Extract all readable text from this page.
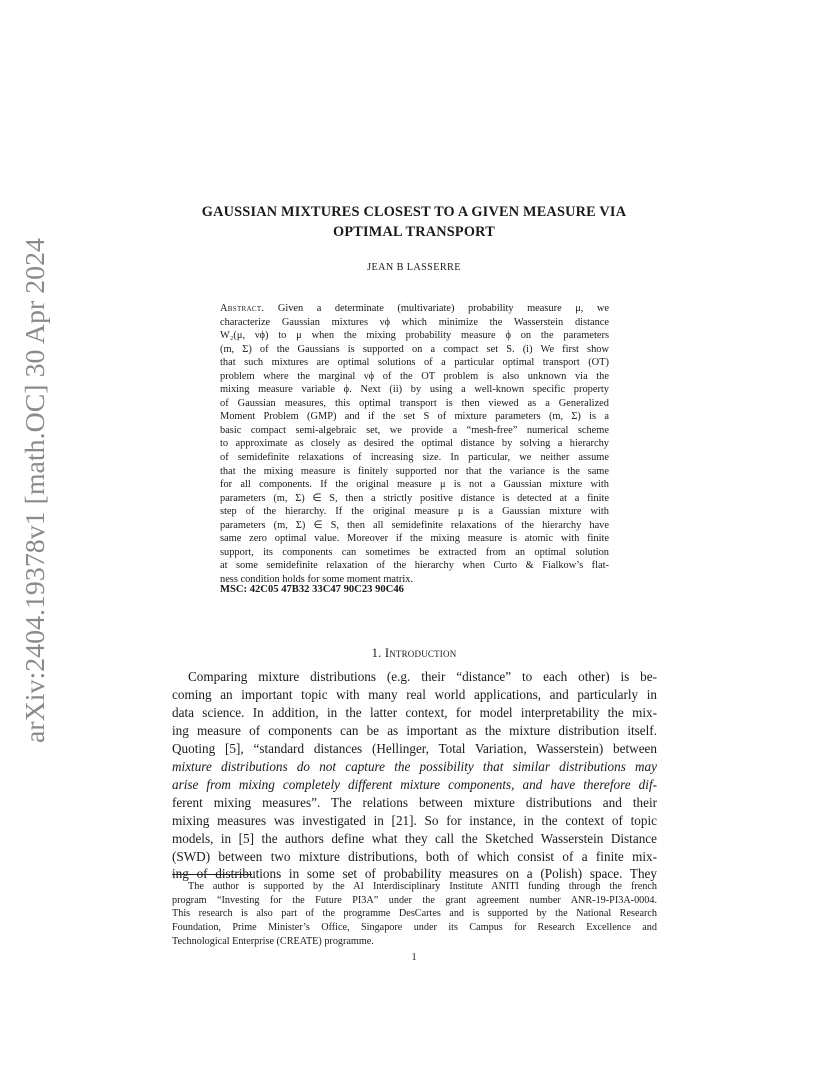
arXiv:2404.19378v1 [math.OC] 30 Apr 2024
GAUSSIAN MIXTURES CLOSEST TO A GIVEN MEASURE VIA
OPTIMAL TRANSPORT
JEAN B LASSERRE
Abstract. Given a determinate (multivariate) probability measure μ, we
characterize Gaussian mixtures νϕ which minimize the Wasserstein distance
W₂(μ, νϕ) to μ when the mixing probability measure ϕ on the parameters
(m, Σ) of the Gaussians is supported on a compact set S. (i) We first show
that such mixtures are optimal solutions of a particular optimal transport (OT)
problem where the marginal νϕ of the OT problem is also unknown via the
mixing measure variable ϕ. Next (ii) by using a well-known specific property
of Gaussian measures, this optimal transport is then viewed as a Generalized
Moment Problem (GMP) and if the set S of mixture parameters (m, Σ) is a
basic compact semi-algebraic set, we provide a “mesh-free” numerical scheme
to approximate as closely as desired the optimal distance by solving a hierarchy
of semidefinite relaxations of increasing size. In particular, we neither assume
that the mixing measure is finitely supported nor that the variance is the same
for all components. If the original measure μ is not a Gaussian mixture with
parameters (m, Σ) ∈ S, then a strictly positive distance is detected at a finite
step of the hierarchy. If the original measure μ is a Gaussian mixture with
parameters (m, Σ) ∈ S, then all semidefinite relaxations of the hierarchy have
same zero optimal value. Moreover if the mixing measure is atomic with finite
support, its components can sometimes be extracted from an optimal solution
at some semidefinite relaxation of the hierarchy when Curto & Fialkow’s flat-
ness condition holds for some moment matrix.
MSC: 42C05 47B32 33C47 90C23 90C46
1. Introduction
Comparing mixture distributions (e.g. their “distance” to each other) is be-
coming an important topic with many real world applications, and particularly in
data science. In addition, in the latter context, for model interpretability the mix-
ing measure of components can be as important as the mixture distribution itself.
Quoting [5], “standard distances (Hellinger, Total Variation, Wasserstein) between
mixture distributions do not capture the possibility that similar distributions may
arise from mixing completely different mixture components, and have therefore dif-
ferent mixing measures”. The relations between mixture distributions and their
mixing measures was investigated in [21]. So for instance, in the context of topic
models, in [5] the authors define what they call the Sketched Wasserstein Distance
(SWD) between two mixture distributions, both of which consist of a finite mix-
ing of distributions in some set of probability measures on a (Polish) space. They
The author is supported by the AI Interdisciplinary Institute ANITI funding through the french
program “Investing for the Future PI3A” under the grant agreement number ANR-19-PI3A-0004.
This research is also part of the programme DesCartes and is supported by the National Research
Foundation, Prime Minister’s Office, Singapore under its Campus for Research Excellence and
Technological Enterprise (CREATE) programme.
1
